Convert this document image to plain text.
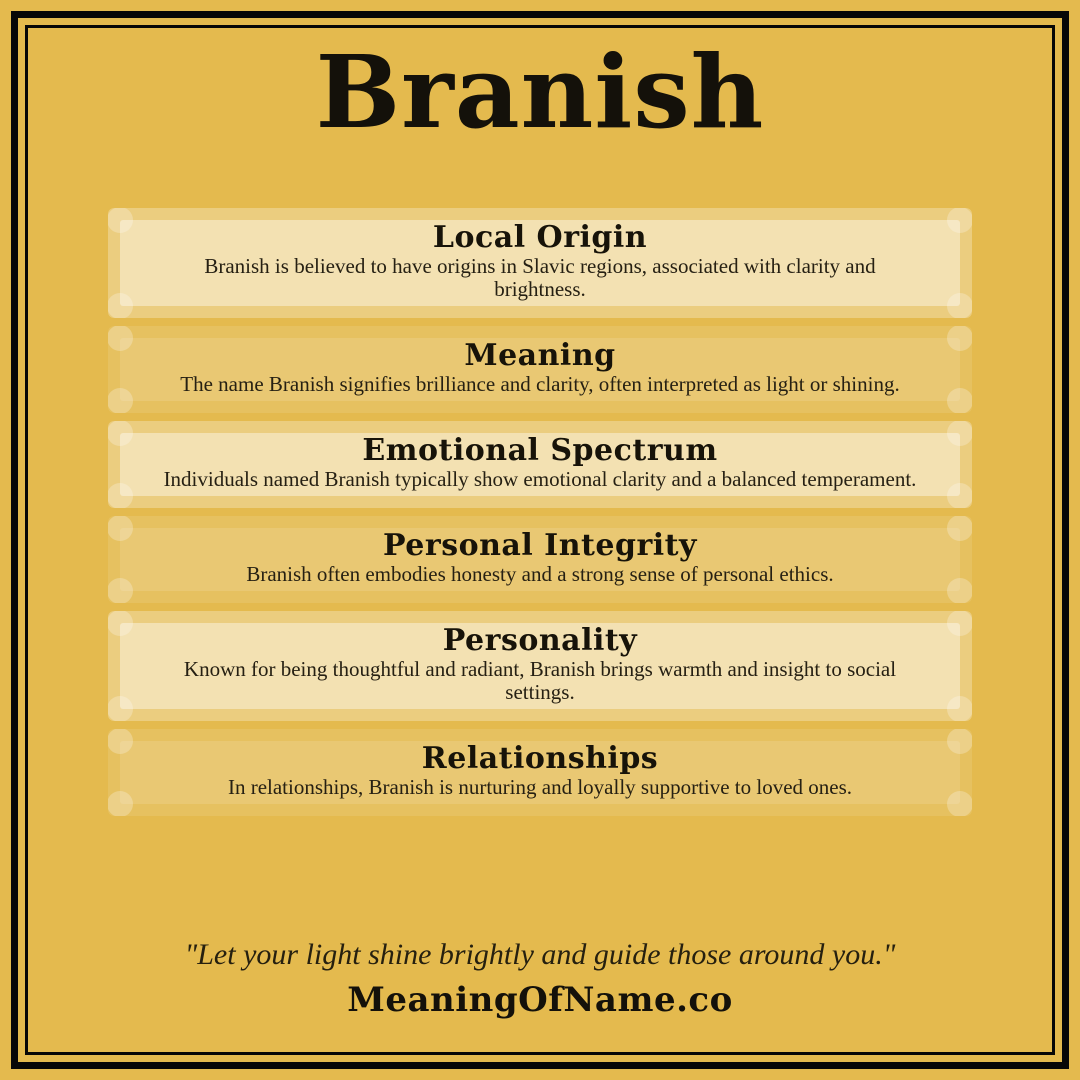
Branish
Local Origin

Branish is believed to have origins in Slavic regions, associated with clarity and brightness.

Meaning

The name Branish signifies brilliance and clarity, often interpreted as light or shining.

Emotional Spectrum

Individuals named Branish typically show emotional clarity and a balanced temperament.

Personal Integrity

Branish often embodies honesty and a strong sense of personal ethics.

Personality

Known for being thoughtful and radiant, Branish brings warmth and insight to social settings.

Relationships

In relationships, Branish is nurturing and loyally supportive to loved ones.

"Let your light shine brightly and guide those around you."

MeaningOfName.co
